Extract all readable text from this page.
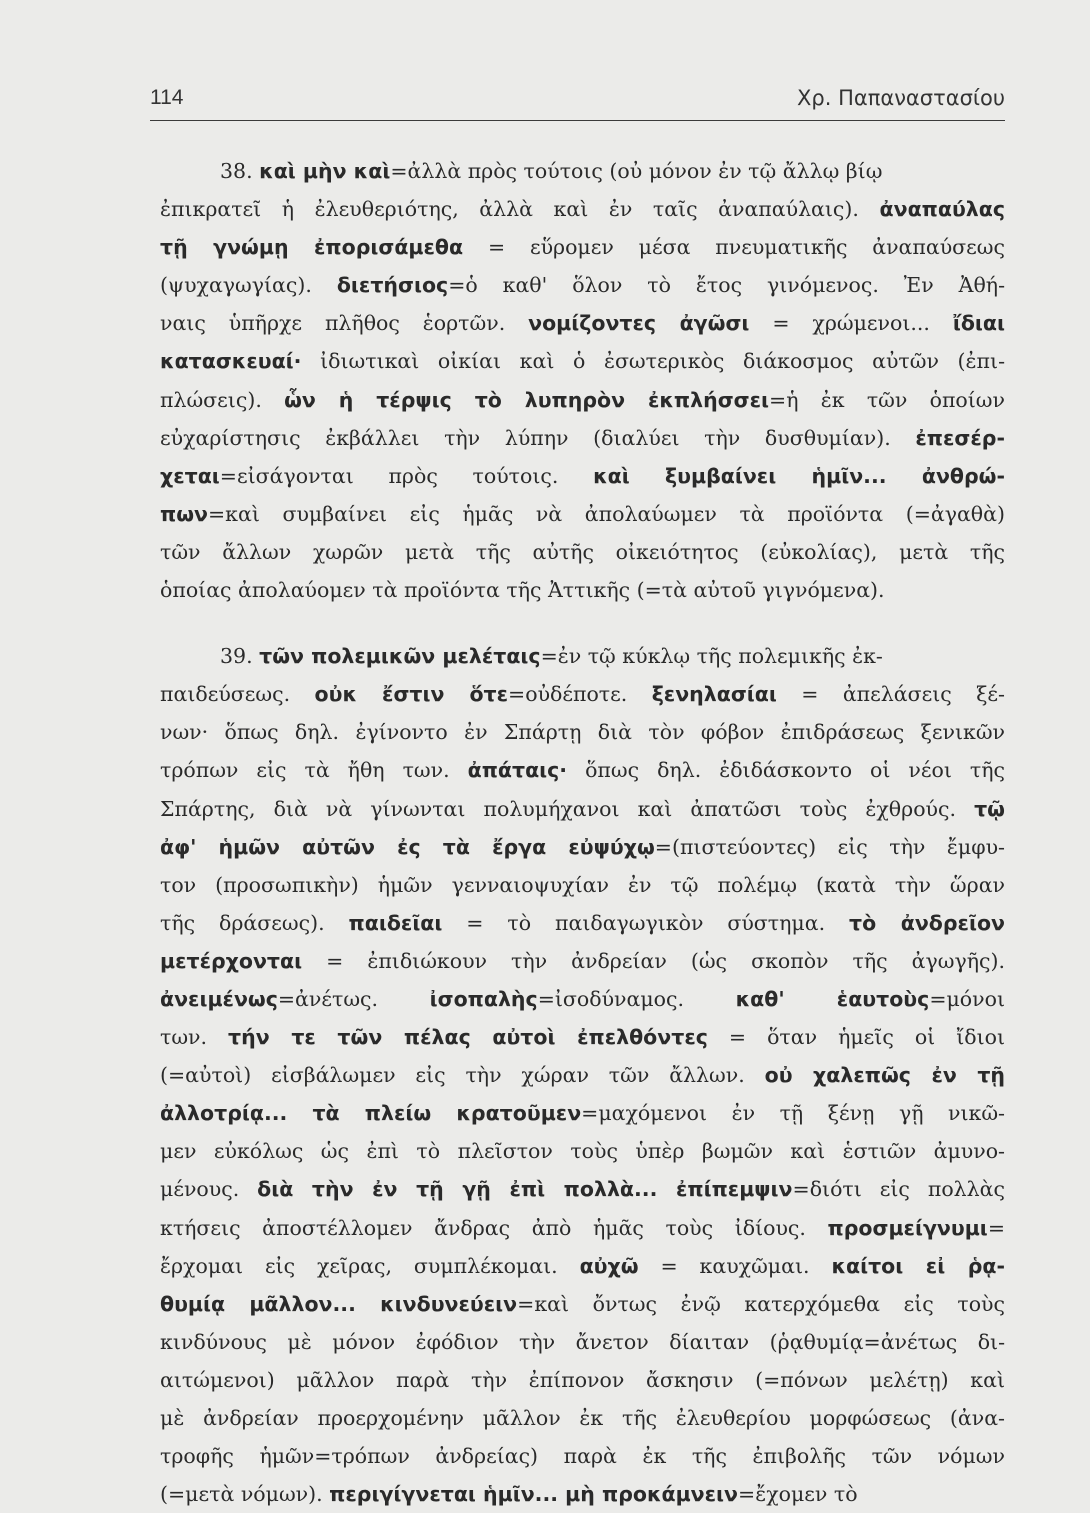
114	Χρ. Παπαναστασίου
38. καὶ μὴν καὶ=ἀλλὰ πρὸς τούτοις (οὐ μόνον ἐν τῷ ἄλλῳ βίῳ
ἐπικρατεῖ ἡ ἐλευθεριότης, ἀλλὰ καὶ ἐν ταῖς ἀναπαύλαις). ἀναπαύλας
τῇ γνώμῃ ἐπορισάμεθα = εὕρομεν μέσα πνευματικῆς ἀναπαύσεως
(ψυχαγωγίας). διετήσιος=ὁ καθ' ὅλον τὸ ἔτος γινόμενος. Ἐν Ἀθή-
ναις ὑπῆρχε πλῆθος ἑορτῶν. νομίζοντες ἀγῶσι = χρώμενοι... ἴδιαι
κατασκευαί· ἰδιωτικαὶ οἰκίαι καὶ ὁ ἐσωτερικὸς διάκοσμος αὐτῶν (ἐπι-
πλώσεις). ὧν ἡ τέρψις τὸ λυπηρὸν ἐκπλήσσει=ἡ ἐκ τῶν ὁποίων
εὐχαρίστησις ἐκβάλλει τὴν λύπην (διαλύει τὴν δυσθυμίαν). ἐπεσέρ-
χεται=εἰσάγονται πρὸς τούτοις. καὶ ξυμβαίνει ἡμῖν... ἀνθρώ-
πων=καὶ συμβαίνει εἰς ἡμᾶς νὰ ἀπολαύωμεν τὰ προϊόντα (=ἀγαθὰ)
τῶν ἄλλων χωρῶν μετὰ τῆς αὐτῆς οἰκειότητος (εὐκολίας), μετὰ τῆς
ὁποίας ἀπολαύομεν τὰ προϊόντα τῆς Ἀττικῆς (=τὰ αὐτοῦ γιγνόμενα).
39. τῶν πολεμικῶν μελέταις=ἐν τῷ κύκλῳ τῆς πολεμικῆς ἐκ-
παιδεύσεως. οὐκ ἔστιν ὅτε=οὐδέποτε. ξενηλασίαι = ἀπελάσεις ξέ-
νων· ὅπως δηλ. ἐγίνοντο ἐν Σπάρτῃ διὰ τὸν φόβον ἐπιδράσεως ξενικῶν
τρόπων εἰς τὰ ἤθη των. ἀπάταις· ὅπως δηλ. ἐδιδάσκοντο οἱ νέοι τῆς
Σπάρτης, διὰ νὰ γίνωνται πολυμήχανοι καὶ ἀπατῶσι τοὺς ἐχθρούς. τῷ
ἀφ' ἡμῶν αὐτῶν ἐς τὰ ἔργα εὐψύχῳ=(πιστεύοντες) εἰς τὴν ἔμφυ-
τον (προσωπικὴν) ἡμῶν γενναιοψυχίαν ἐν τῷ πολέμῳ (κατὰ τὴν ὥραν
τῆς δράσεως). παιδεῖαι = τὸ παιδαγωγικὸν σύστημα. τὸ ἀνδρεῖον
μετέρχονται = ἐπιδιώκουν τὴν ἀνδρείαν (ὡς σκοπὸν τῆς ἀγωγῆς).
ἀνειμένως=ἀνέτως. ἰσοπαλὴς=ἰσοδύναμος. καθ' ἑαυτοὺς=μόνοι
των. τήν τε τῶν πέλας αὐτοὶ ἐπελθόντες = ὅταν ἡμεῖς οἱ ἴδιοι
(=αὐτοὶ) εἰσβάλωμεν εἰς τὴν χώραν τῶν ἄλλων. οὐ χαλεπῶς ἐν τῇ
ἀλλοτρίᾳ... τὰ πλείω κρατοῦμεν=μαχόμενοι ἐν τῇ ξένῃ γῇ νικῶ-
μεν εὐκόλως ὡς ἐπὶ τὸ πλεῖστον τοὺς ὑπὲρ βωμῶν καὶ ἑστιῶν ἀμυνο-
μένους. διὰ τὴν ἐν τῇ γῇ ἐπὶ πολλὰ... ἐπίπεμψιν=διότι εἰς πολλὰς
κτήσεις ἀποστέλλομεν ἄνδρας ἀπὸ ἡμᾶς τοὺς ἰδίους. προσμείγνυμι=
ἔρχομαι εἰς χεῖρας, συμπλέκομαι. αὐχῶ = καυχῶμαι. καίτοι εἰ ῥᾳ-
θυμίᾳ μᾶλλον... κινδυνεύειν=καὶ ὄντως ἐνῷ κατερχόμεθα εἰς τοὺς
κινδύνους μὲ μόνον ἐφόδιον τὴν ἄνετον δίαιταν (ῥᾳθυμίᾳ=ἀνέτως δι-
αιτώμενοι) μᾶλλον παρὰ τὴν ἐπίπονον ἄσκησιν (=πόνων μελέτῃ) καὶ
μὲ ἀνδρείαν προερχομένην μᾶλλον ἐκ τῆς ἐλευθερίου μορφώσεως (ἀνα-
τροφῆς ἡμῶν=τρόπων ἀνδρείας) παρὰ ἐκ τῆς ἐπιβολῆς τῶν νόμων
(=μετὰ νόμων). περιγίγνεται ἡμῖν... μὴ προκάμνειν=ἔχομεν τὸ
